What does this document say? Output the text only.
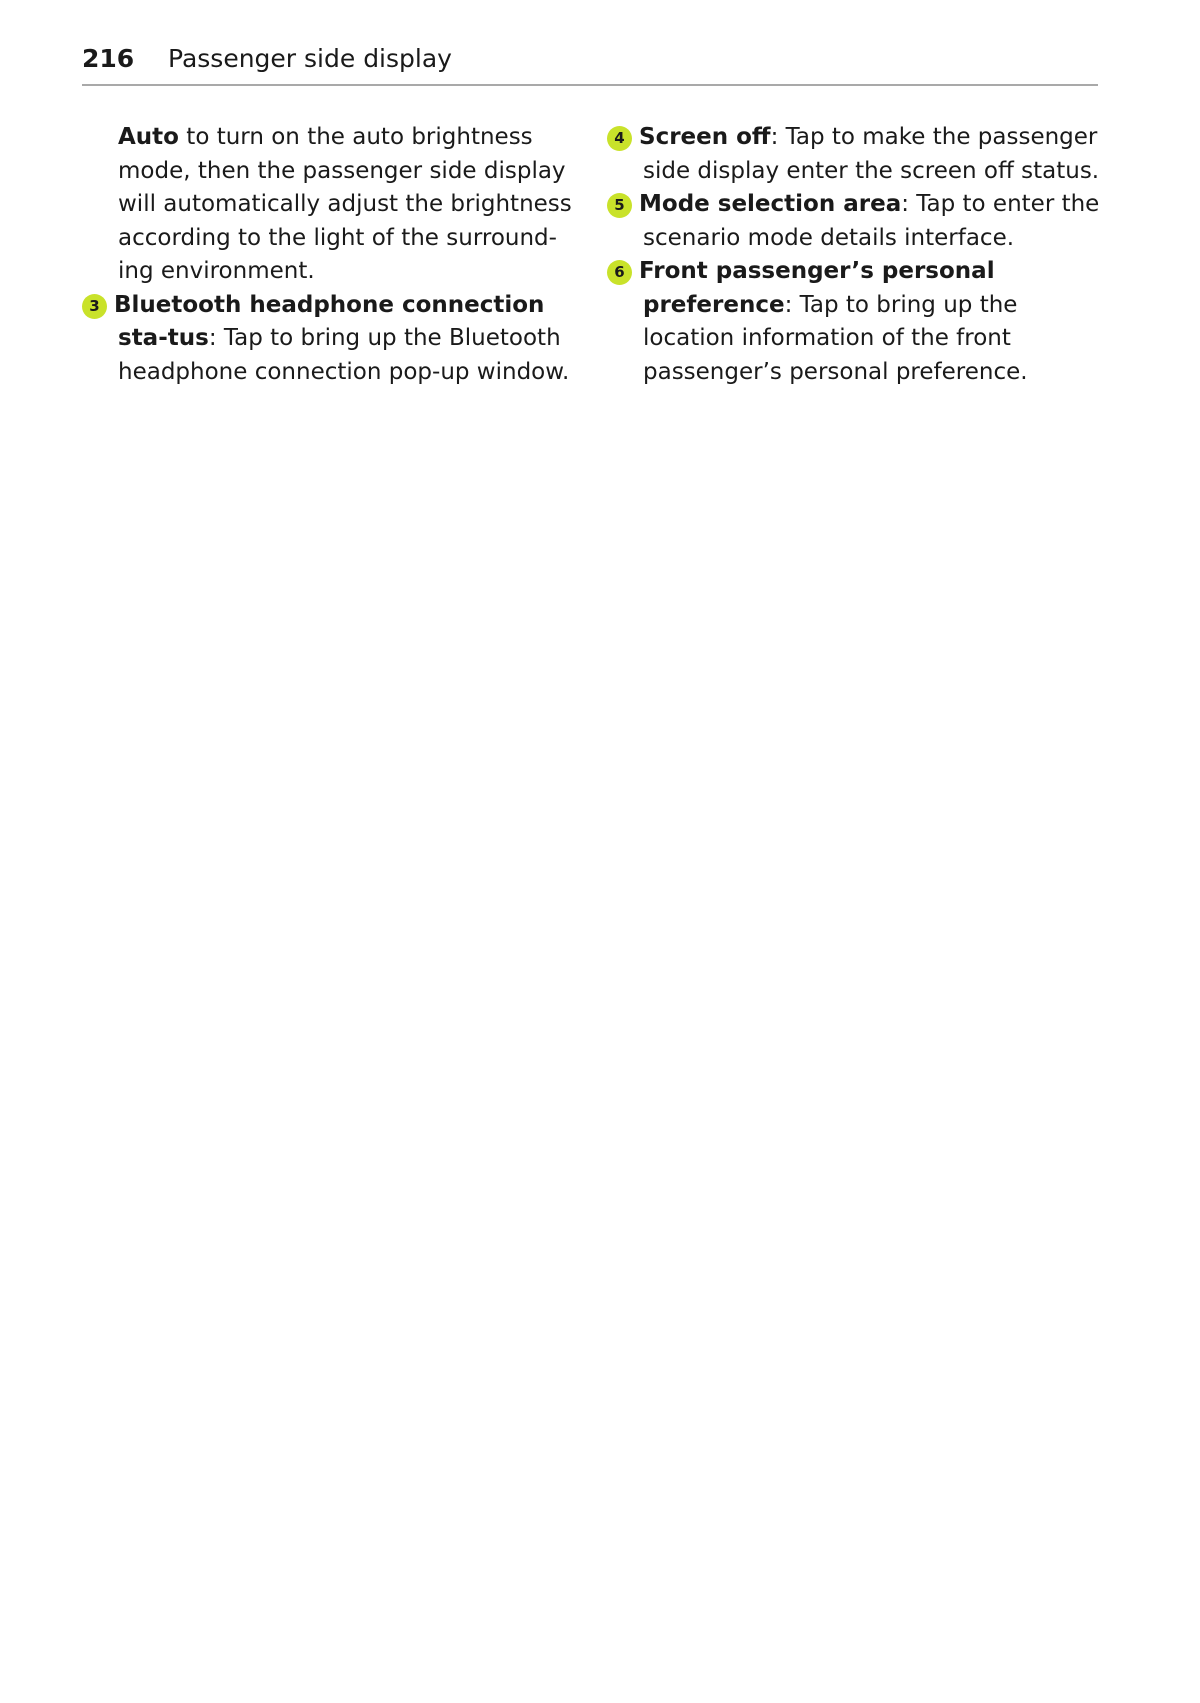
216	Passenger side display

Auto to turn on the auto brightness mode, then the passenger side display will automatically adjust the brightness according to the light of the surround-ing environment.

3 Bluetooth headphone connection sta-tus: Tap to bring up the Bluetooth headphone connection pop-up window.

4 Screen off: Tap to make the passenger side display enter the screen off status.

5 Mode selection area: Tap to enter the scenario mode details interface.

6 Front passenger’s personal preference: Tap to bring up the location information of the front passenger’s personal preference.
